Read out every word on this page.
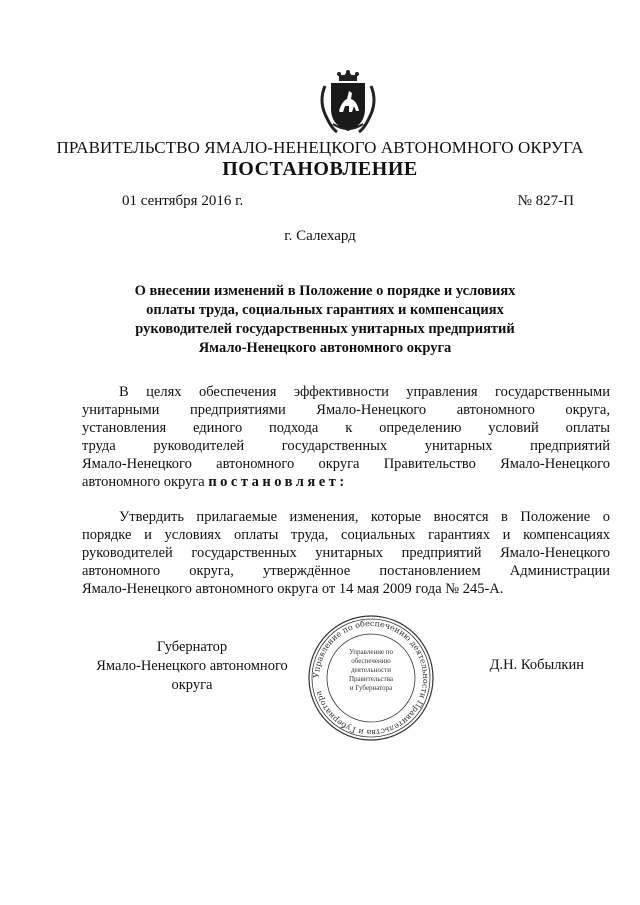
ПРАВИТЕЛЬСТВО ЯМАЛО-НЕНЕЦКОГО АВТОНОМНОГО ОКРУГА
ПОСТАНОВЛЕНИЕ
01 сентября 2016 г.	№ 827-П
г. Салехард
О внесении изменений в Положение о порядке и условиях
оплаты труда, социальных гарантиях и компенсациях
руководителей государственных унитарных предприятий
Ямало-Ненецкого автономного округа
В целях обеспечения эффективности управления государственными
унитарными предприятиями Ямало-Ненецкого автономного округа,
установления единого подхода к определению условий оплаты
труда руководителей государственных унитарных предприятий
Ямало-Ненецкого автономного округа Правительство Ямало-Ненецкого
автономного округа постановляет:
Утвердить прилагаемые изменения, которые вносятся в Положение о
порядке и условиях оплаты труда, социальных гарантиях и компенсациях
руководителей государственных унитарных предприятий Ямало-Ненецкого
автономного округа, утверждённое постановлением Администрации
Ямало-Ненецкого автономного округа от 14 мая 2009 года № 245-А.
Губернатор
Ямало-Ненецкого автономного округа
Д.Н. Кобылкин
Управление по обеспечению деятельности Правительства и Губернатора
Управление по
обеспечению
деятельности
Правительства
и Губернатора
